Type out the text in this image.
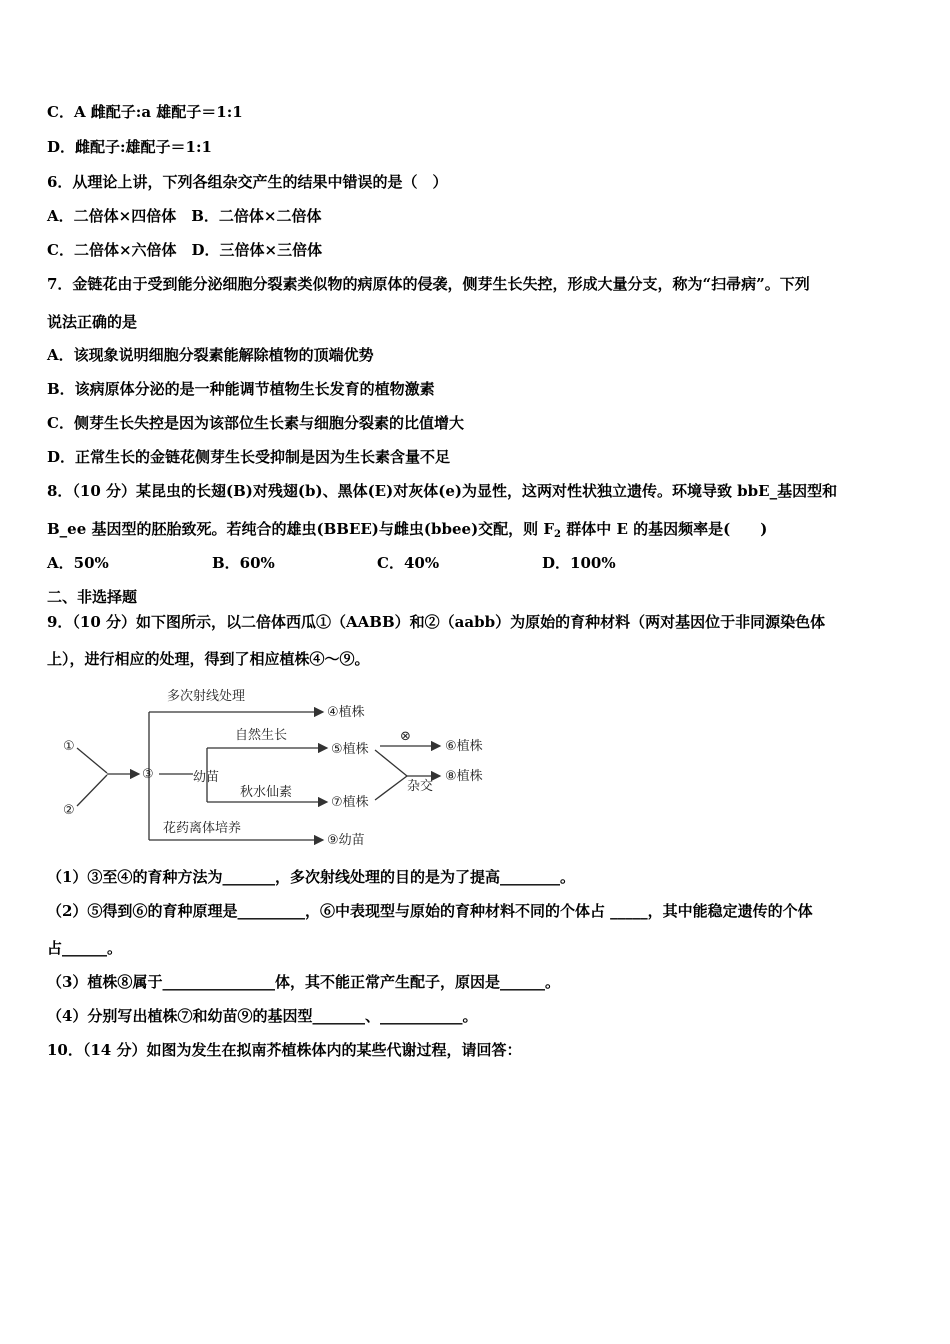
C．A 雌配子:a 雄配子＝1:1
D．雌配子:雄配子＝1:1
6．从理论上讲，下列各组杂交产生的结果中错误的是（　）
A．二倍体×四倍体　B．二倍体×二倍体
C．二倍体×六倍体　D．三倍体×三倍体
7．金链花由于受到能分泌细胞分裂素类似物的病原体的侵袭，侧芽生长失控，形成大量分支，称为“扫帚病”。下列
说法正确的是
A．该现象说明细胞分裂素能解除植物的顶端优势
B．该病原体分泌的是一种能调节植物生长发育的植物激素
C．侧芽生长失控是因为该部位生长素与细胞分裂素的比值增大
D．正常生长的金链花侧芽生长受抑制是因为生长素含量不足
8．（10 分）某昆虫的长翅(B)对残翅(b)、黑体(E)对灰体(e)为显性，这两对性状独立遗传。环境导致 bbE_基因型和
B_ee 基因型的胚胎致死。若纯合的雄虫(BBEE)与雌虫(bbee)交配，则 $F_2$ 群体中 E 的基因频率是(　　)
A．50%	B．60%	C．40%	D．100%
二、非选择题
9．（10 分）如下图所示，以二倍体西瓜①（AABB）和②（aabb）为原始的育种材料（两对基因位于非同源染色体
上），进行相应的处理，得到了相应植株④～⑨。
①
②
③	幼苗
多次射线处理
④植株
自然生长
⑤植株
⊗
⑥植株
秋水仙素
⑦植株
杂交
⑧植株
花药离体培养
⑨幼苗
（1）③至④的育种方法为_______，多次射线处理的目的是为了提高________。
（2）⑤得到⑥的育种原理是_________，⑥中表现型与原始的育种材料不同的个体占 _____，其中能稳定遗传的个体
占______。
（3）植株⑧属于_______________体，其不能正常产生配子，原因是______。
（4）分别写出植株⑦和幼苗⑨的基因型_______、___________。
10．（14 分）如图为发生在拟南芥植株体内的某些代谢过程，请回答：
